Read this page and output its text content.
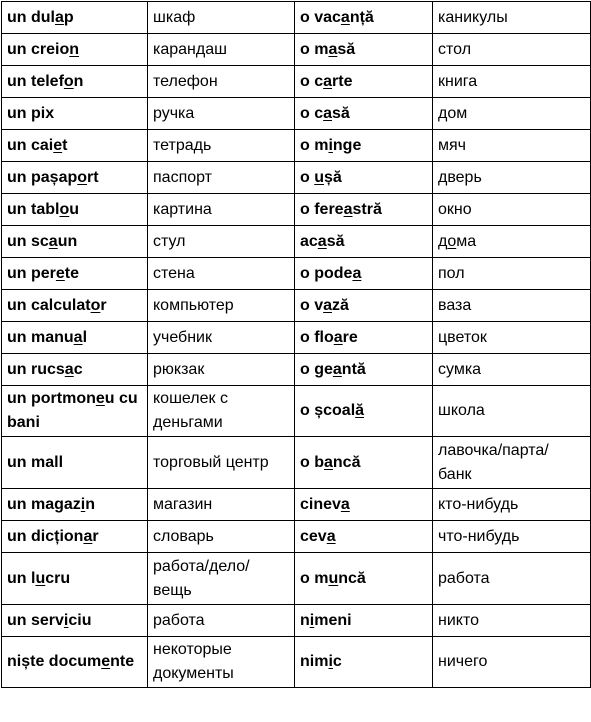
un dulap	шкаф	o vacanță	каникулы
un creion	карандаш	o masă	стол
un telefon	телефон	o carte	книга
un pix	ручка	o casă	дом
un caiet	тетрадь	o minge	мяч
un pașaport	паспорт	o ușă	дверь
un tablou	картина	o fereastră	окно
un scaun	стул	acasă	дома
un perete	стена	o podea	пол
un calculator	компьютер	o vază	ваза
un manual	учебник	o floare	цветок
un rucsac	рюкзак	o geantă	сумка
un portmoneu cu bani	кошелек с деньгами	o școală	школа
un mall	торговый центр	o bancă	лавочка/парта/ банк
un magazin	магазин	cineva	кто-нибудь
un dicționar	словарь	ceva	что-нибудь
un lucru	работа/дело/ вещь	o muncă	работа
un serviciu	работа	nimeni	никто
niște documente	некоторые документы	nimic	ничего
